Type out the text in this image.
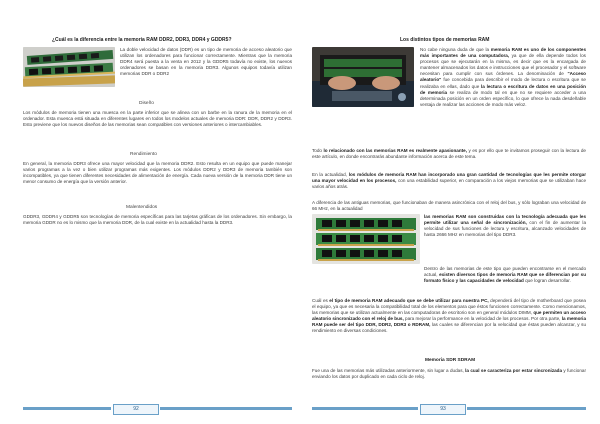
¿Cuál es la diferencia entre la memoria RAM DDR2, DDR3, DDR4 y GDDR5?

La doble velocidad de datos (DDR) es un tipo de memoria de acceso aleatorio que utilizan los ordenadores para funcionar correctamente. Mientras que la memoria DDR4 será puesta a la venta en 2012 y la GDDR5 todavía no existe, los nuevos ordenadores se basan en la memoria DDR3. Algunos equipos todavía utilizan memorias DDR o DDR2

Diseño

Los módulos de memoria tienen una muesca en la parte inferior que se alinea con un barbe en la ranura de la memoria en el ordenador. Esta muesca está situada en diferentes lugares en todos los modelos actuales de memoria DDR: DDR, DDR2 y DDR3. Esto previene que los nuevos diseños de las memorias sean compatibles con versiones anteriores o intercambiables.

Rendimiento

En general, la memoria DDR3 ofrece una mayor velocidad que la memoria DDR2. Esto resulta en un equipo que puede manejar varios programas a la vez o bien utilizar programas más exigentes. Los módulos DDR2 y DDR3 de memoria también son incompatibles, ya que tienen diferentes necesidades de alimentación de energía. Cada nueva versión de la memoria DDR tiene un menor consumo de energía que la versión anterior.

Malentendidos

GDDR3, GDDR4 y GDDR5 son tecnologías de memoria específicas para las tarjetas gráficas de los ordenadores. Sin embargo, la memoria GDDR no es lo mismo que la memoria DDR, de la cual existe en la actualidad hasta la DDR3.

92

Los distintos tipos de memorias RAM

No cabe ninguna duda de que la memoria RAM es uno de los componentes más importantes de una computadora, ya que de ella depende todos los procesos que se ejecutarán en la misma, es decir que es la encargada de mantener almacenados los datos e instrucciones que el procesador y el software necesitan para cumplir con sus órdenes. La denominación de "Acceso aleatorio" fue concebida para describir el modo de lectura o escritura que se realizaba en ellas, dado que la lectura o escritura de datos en una posición de memoria se realiza de modo tal en que no se requiere acceder a una determinada posición en un orden específico, lo que ofrece la nada desdeñable ventaja de realizar las acciones de modo más veloz.

Todo lo relacionado con las memorias RAM es realmente apasionante, y es por ello que te invitamos proseguir con la lectura de este artículo, en donde encontrarás abundante información acerca de este tema.

En la actualidad, los módulos de memoria RAM han incorporado una gran cantidad de tecnologías que les permite otorgar una mayor velocidad en los procesos, con una estabilidad superior, en comparación a los viejos memorias que se utilizaban hace varios años atrás.

A diferencia de las antiguas memorias, que funcionaban de manera asincrónica con el reloj del bus, y sólo lograban una velocidad de 66 MHz, en la actualidad

las memorias RAM son construidas con la tecnología adecuada que les permite utilizar una señal de sincronización, con el fin de aumentar la velocidad de sus funciones de lectura y escritura, alcanzado velocidades de hasta 2666 MHz en memorias del tipo DDR3.

Dentro de las memorias de este tipo que pueden encontrarse en el mercado actual, existen diversos tipos de memoria RAM que se diferencian por su formato físico y las capacidades de velocidad que logran desarrollar.

Cuál es el tipo de memoria RAM adecuado que se debe utilizar para nuestra PC, dependerá del tipo de motherboard que posea el equipo, ya que es necesaria la compatibilidad total de los elementos para que éstos funcionen correctamente. Como mencionamos, las memorias que se utilizan actualmente en las computadoras de escritorio son en general módulos DIMM, que permiten un acceso aleatorio sincronizado con el reloj de bus, para mejorar la performance en la velocidad de los procesos. Por otra parte, la memoria RAM puede ser del tipo DDR, DDR2, DDR3 o RDRAM, las cuales se diferencian por la velocidad que éstas pueden alcanzar, y su rendimiento en diversas condiciones.

Memoria SDR SDRAM

Fue una de las memorias más utilizadas anteriormente, sin lugar a dudas, la cual se caracteriza por estar sincronizada y funcionar enviando los datos por duplicado en cada ciclo de reloj.

93
